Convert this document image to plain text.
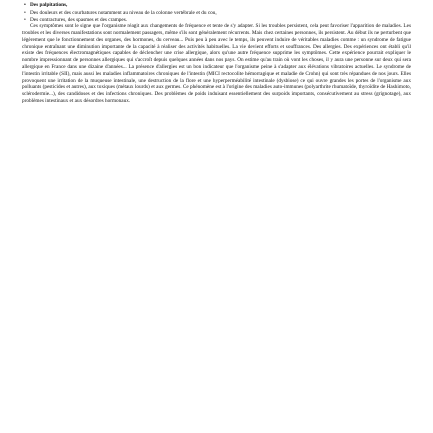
• Des palpitations,

• Des douleurs et des courbatures notamment au niveau de la colonne vertébrale et du cou,

• Des contractures, des spasmes et des crampes.

Ces symptômes sont le signe que l'organisme réagit aux changements de fréquence et tente de s'y adapter. Si les troubles persistent, cela peut favoriser l'apparition de maladies. Les troubles et les diverses manifestations sont normalement passagers, même s'ils sont généralement récurrents. Mais chez certaines personnes, ils persistent. Au début ils ne perturbent que légèrement que le fonctionnement des organes, des hormones, du cerveau... Puis peu à peu avec le temps, ils peuvent induire de véritables maladies comme : un syndrome de fatigue chronique entraînant une diminution importante de la capacité à réaliser des activités habituelles. La vie devient efforts et souffrances. Des allergies. Des expériences ont établi qu'il existe des fréquences électromagnétiques capables de déclencher une crise allergique, alors qu'une autre fréquence supprime les symptômes. Cette expérience pourrait expliquer le nombre impressionnant de personnes allergiques qui s'accroît depuis quelques années dans nos pays. On estime qu'au train où vont les choses, il y aura une personne sur deux qui sera allergique en France dans une dizaine d'années... La présence d'allergies est un bon indicateur que l'organisme peine à s'adapter aux élévations vibratoires actuelles. Le syndrome de l'intestin irritable (SII), mais aussi les maladies inflammatoires chroniques de l'intestin (MICI rectocolite hémorragique et maladie de Crohn) qui sont très répandues de nos jours. Elles provoquent une irritation de la muqueuse intestinale, une destruction de la flore et une hyperperméabilité intestinale (dysbiose) ce qui ouvre grandes les portes de l'organisme aux polluants (pesticides et autres), aux toxiques (métaux lourds) et aux germes. Ce phénomène est à l'origine des maladies auto-immunes (polyarthrite rhumatoïde, thyroïdite de Hashimoto, sclérodermie...), des candidoses et des infections chroniques. Des problèmes de poids induisant essentiellement des surpoids importants, consécutivement au stress (grignotage), aux problèmes intestinaux et aux désordres hormonaux.
